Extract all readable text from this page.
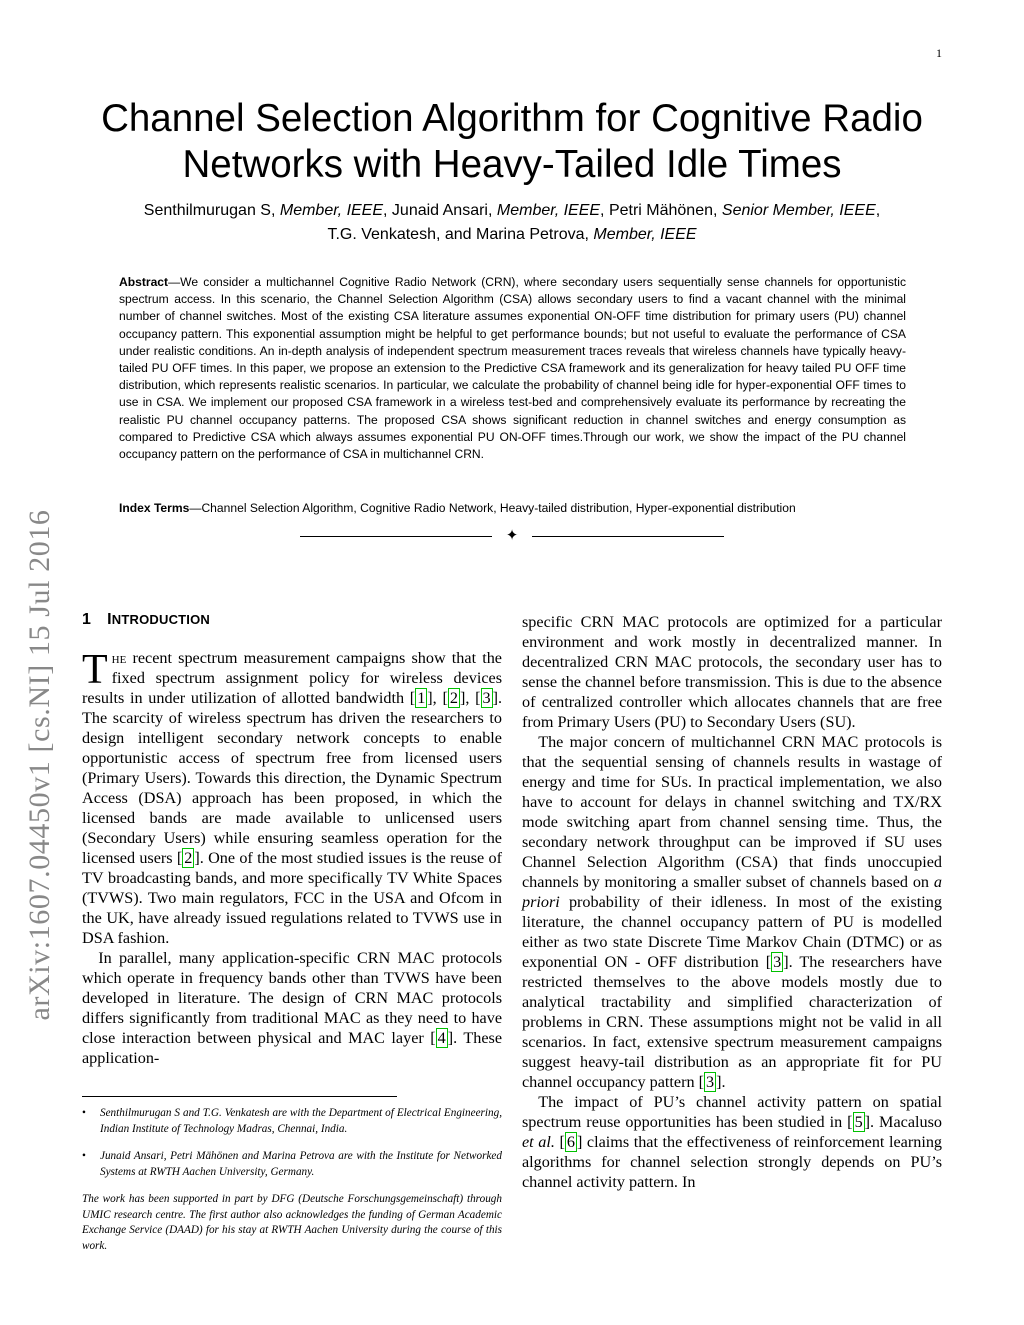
1
arXiv:1607.04450v1 [cs.NI] 15 Jul 2016
Channel Selection Algorithm for Cognitive Radio
Networks with Heavy-Tailed Idle Times
Senthilmurugan S, Member, IEEE, Junaid Ansari, Member, IEEE, Petri Mähönen, Senior Member, IEEE,
T.G. Venkatesh, and Marina Petrova, Member, IEEE
Abstract—We consider a multichannel Cognitive Radio Network (CRN), where secondary users sequentially sense channels for opportunistic spectrum access. In this scenario, the Channel Selection Algorithm (CSA) allows secondary users to find a vacant channel with the minimal number of channel switches. Most of the existing CSA literature assumes exponential ON-OFF time distribution for primary users (PU) channel occupancy pattern. This exponential assumption might be helpful to get performance bounds; but not useful to evaluate the performance of CSA under realistic conditions. An in-depth analysis of independent spectrum measurement traces reveals that wireless channels have typically heavy-tailed PU OFF times. In this paper, we propose an extension to the Predictive CSA framework and its generalization for heavy tailed PU OFF time distribution, which represents realistic scenarios. In particular, we calculate the probability of channel being idle for hyper-exponential OFF times to use in CSA. We implement our proposed CSA framework in a wireless test-bed and comprehensively evaluate its performance by recreating the realistic PU channel occupancy patterns. The proposed CSA shows significant reduction in channel switches and energy consumption as compared to Predictive CSA which always assumes exponential PU ON-OFF times.Through our work, we show the impact of the PU channel occupancy pattern on the performance of CSA in multichannel CRN.
Index Terms—Channel Selection Algorithm, Cognitive Radio Network, Heavy-tailed distribution, Hyper-exponential distribution
✦
1 INTRODUCTION

The recent spectrum measurement campaigns show that the fixed spectrum assignment policy for wireless devices results in under utilization of allotted bandwidth [ 1 ], [ 2 ], [ 3 ]. The scarcity of wireless spectrum has driven the researchers to design intelligent secondary network concepts to enable opportunistic access of spectrum free from licensed users (Primary Users). Towards this direction, the Dynamic Spectrum Access (DSA) approach has been proposed, in which the licensed bands are made available to unlicensed users (Secondary Users) while ensuring seamless operation for the licensed users [ 2 ]. One of the most studied issues is the reuse of TV broadcasting bands, and more specifically TV White Spaces (TVWS). Two main regulators, FCC in the USA and Ofcom in the UK, have already issued regulations related to TVWS use in DSA fashion.

In parallel, many application-specific CRN MAC protocols which operate in frequency bands other than TVWS have been developed in literature. The design of CRN MAC protocols differs significantly from traditional MAC as they need to have close interaction between physical and MAC layer [ 4 ]. These application-

• Senthilmurugan S and T.G. Venkatesh are with the Department of Electrical Engineering, Indian Institute of Technology Madras, Chennai, India.
• Junaid Ansari, Petri Mähönen and Marina Petrova are with the Institute for Networked Systems at RWTH Aachen University, Germany.
The work has been supported in part by DFG (Deutsche Forschungsgemeinschaft) through UMIC research centre. The first author also acknowledges the funding of German Academic Exchange Service (DAAD) for his stay at RWTH Aachen University during the course of this work.

specific CRN MAC protocols are optimized for a particular environment and work mostly in decentralized manner. In decentralized CRN MAC protocols, the secondary user has to sense the channel before transmission. This is due to the absence of centralized controller which allocates channels that are free from Primary Users (PU) to Secondary Users (SU).

The major concern of multichannel CRN MAC protocols is that the sequential sensing of channels results in wastage of energy and time for SUs. In practical implementation, we also have to account for delays in channel switching and TX/RX mode switching apart from channel sensing time. Thus, the secondary network throughput can be improved if SU uses Channel Selection Algorithm (CSA) that finds unoccupied channels by monitoring a smaller subset of channels based on a priori probability of their idleness. In most of the existing literature, the channel occupancy pattern of PU is modelled either as two state Discrete Time Markov Chain (DTMC) or as exponential ON - OFF distribution [ 3 ]. The researchers have restricted themselves to the above models mostly due to analytical tractability and simplified characterization of problems in CRN. These assumptions might not be valid in all scenarios. In fact, extensive spectrum measurement campaigns suggest heavy-tail distribution as an appropriate fit for PU channel occupancy pattern [ 3 ].

The impact of PU’s channel activity pattern on spatial spectrum reuse opportunities has been studied in [ 5 ]. Macaluso et al. [ 6 ] claims that the effectiveness of reinforcement learning algorithms for channel selection strongly depends on PU’s channel activity pattern. In
